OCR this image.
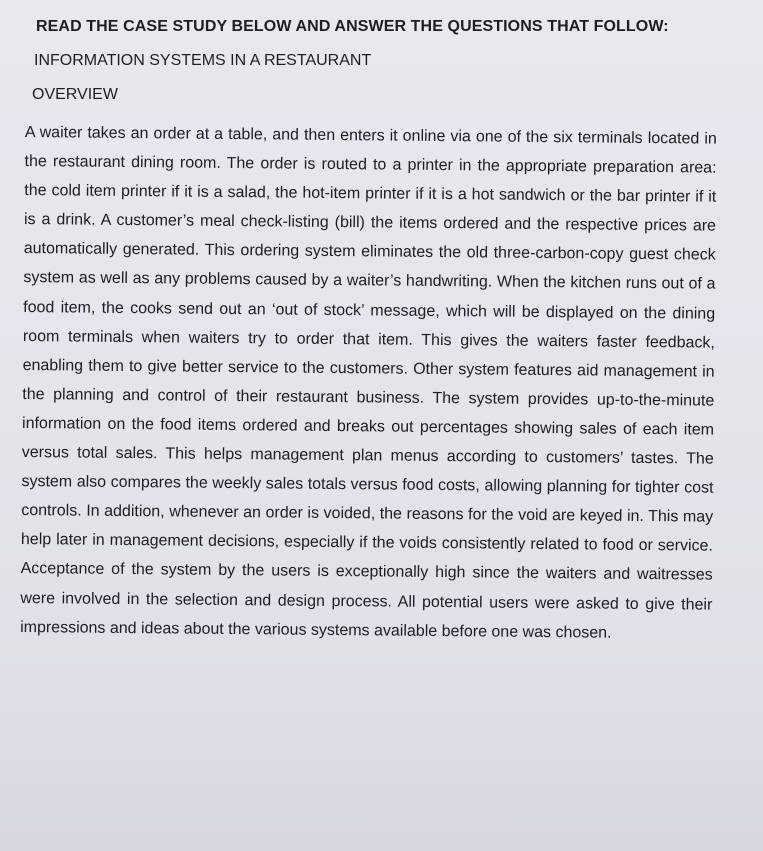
READ THE CASE STUDY BELOW AND ANSWER THE QUESTIONS THAT FOLLOW:
INFORMATION SYSTEMS IN A RESTAURANT
OVERVIEW

A waiter takes an order at a table, and then enters it online via one of the six terminals located in the restaurant dining room. The order is routed to a printer in the appropriate preparation area: the cold item printer if it is a salad, the hot-item printer if it is a hot sandwich or the bar printer if it is a drink. A customer’s meal check-listing (bill) the items ordered and the respective prices are automatically generated. This ordering system eliminates the old three-carbon-copy guest check system as well as any problems caused by a waiter’s handwriting. When the kitchen runs out of a food item, the cooks send out an ‘out of stock’ message, which will be displayed on the dining room terminals when waiters try to order that item. This gives the waiters faster feedback, enabling them to give better service to the customers. Other system features aid management in the planning and control of their restaurant business. The system provides up-to-the-minute information on the food items ordered and breaks out percentages showing sales of each item versus total sales. This helps management plan menus according to customers’ tastes. The system also compares the weekly sales totals versus food costs, allowing planning for tighter cost controls. In addition, whenever an order is voided, the reasons for the void are keyed in. This may help later in management decisions, especially if the voids consistently related to food or service. Acceptance of the system by the users is exceptionally high since the waiters and waitresses were involved in the selection and design process. All potential users were asked to give their impressions and ideas about the various systems available before one was chosen.
